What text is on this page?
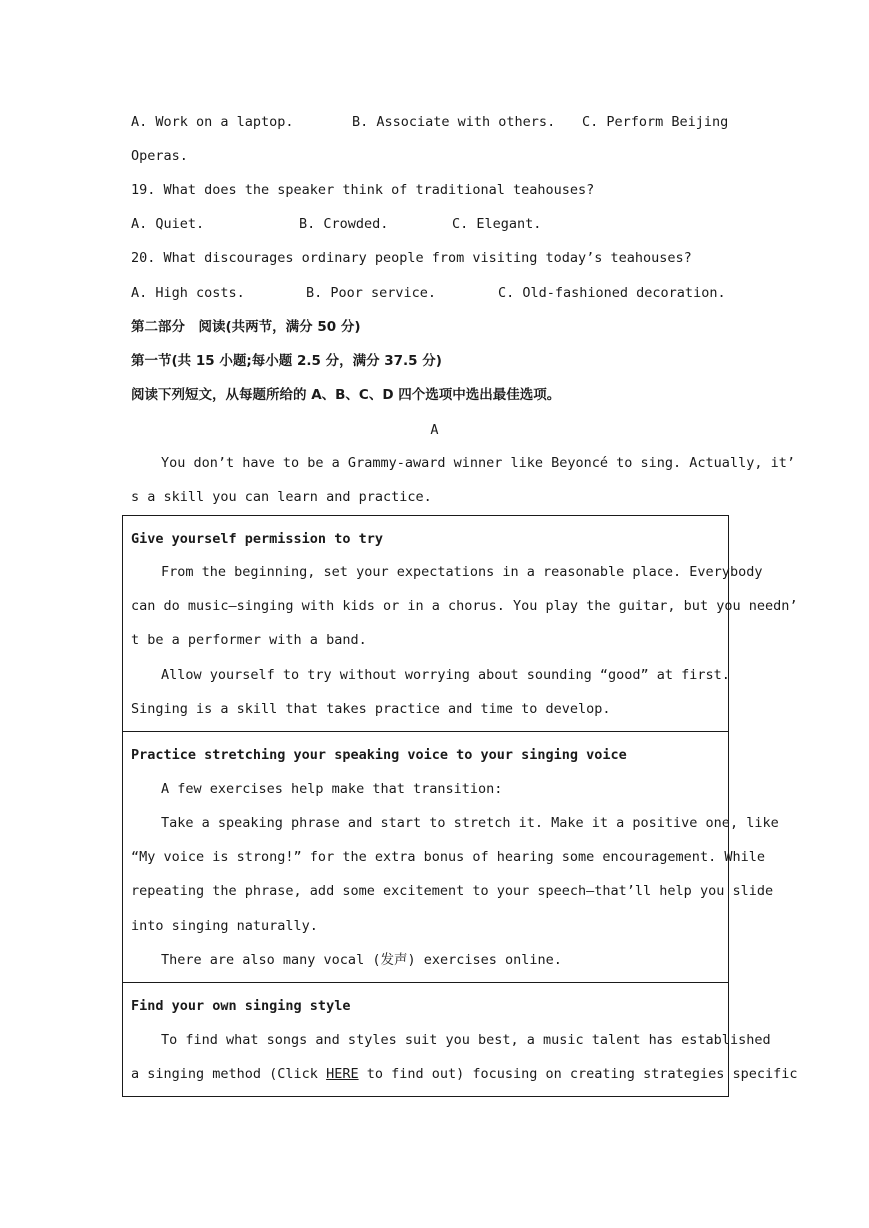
A. Work on a laptop.

	B. Associate with others.

C. Perform Beijing

Operas.
19. What does the speaker think of traditional teahouses?

A. Quiet.

	B. Crowded.

	C. Elegant.

20. What discourages ordinary people from visiting today’s teahouses?

A. High costs.

	B. Poor service.

	C. Old-fashioned decoration.

第二部分　阅读(共两节，满分 50 分)
第一节(共 15 小题;每小题 2.5 分，满分 37.5 分)
阅读下列短文，从每题所给的 A、B、C、D 四个选项中选出最佳选项。
A
You don’t have to be a Grammy-award winner like Beyoncé to sing. Actually, it’
s a skill you can learn and practice.
Give yourself permission to try
From the beginning, set your expectations in a reasonable place. Everybody
can do music—singing with kids or in a chorus. You play the guitar, but you needn’
t be a performer with a band.
Allow yourself to try without worrying about sounding “good” at first.
Singing is a skill that takes practice and time to develop.
Practice stretching your speaking voice to your singing voice
A few exercises help make that transition:
Take a speaking phrase and start to stretch it. Make it a positive one, like
“My voice is strong!” for the extra bonus of hearing some encouragement. While
repeating the phrase, add some excitement to your speech—that’ll help you slide
into singing naturally.
There are also many vocal (发声) exercises online.
Find your own singing style
To find what songs and styles suit you best, a music talent has established
a singing method (Click HERE to find out) focusing on creating strategies specific
